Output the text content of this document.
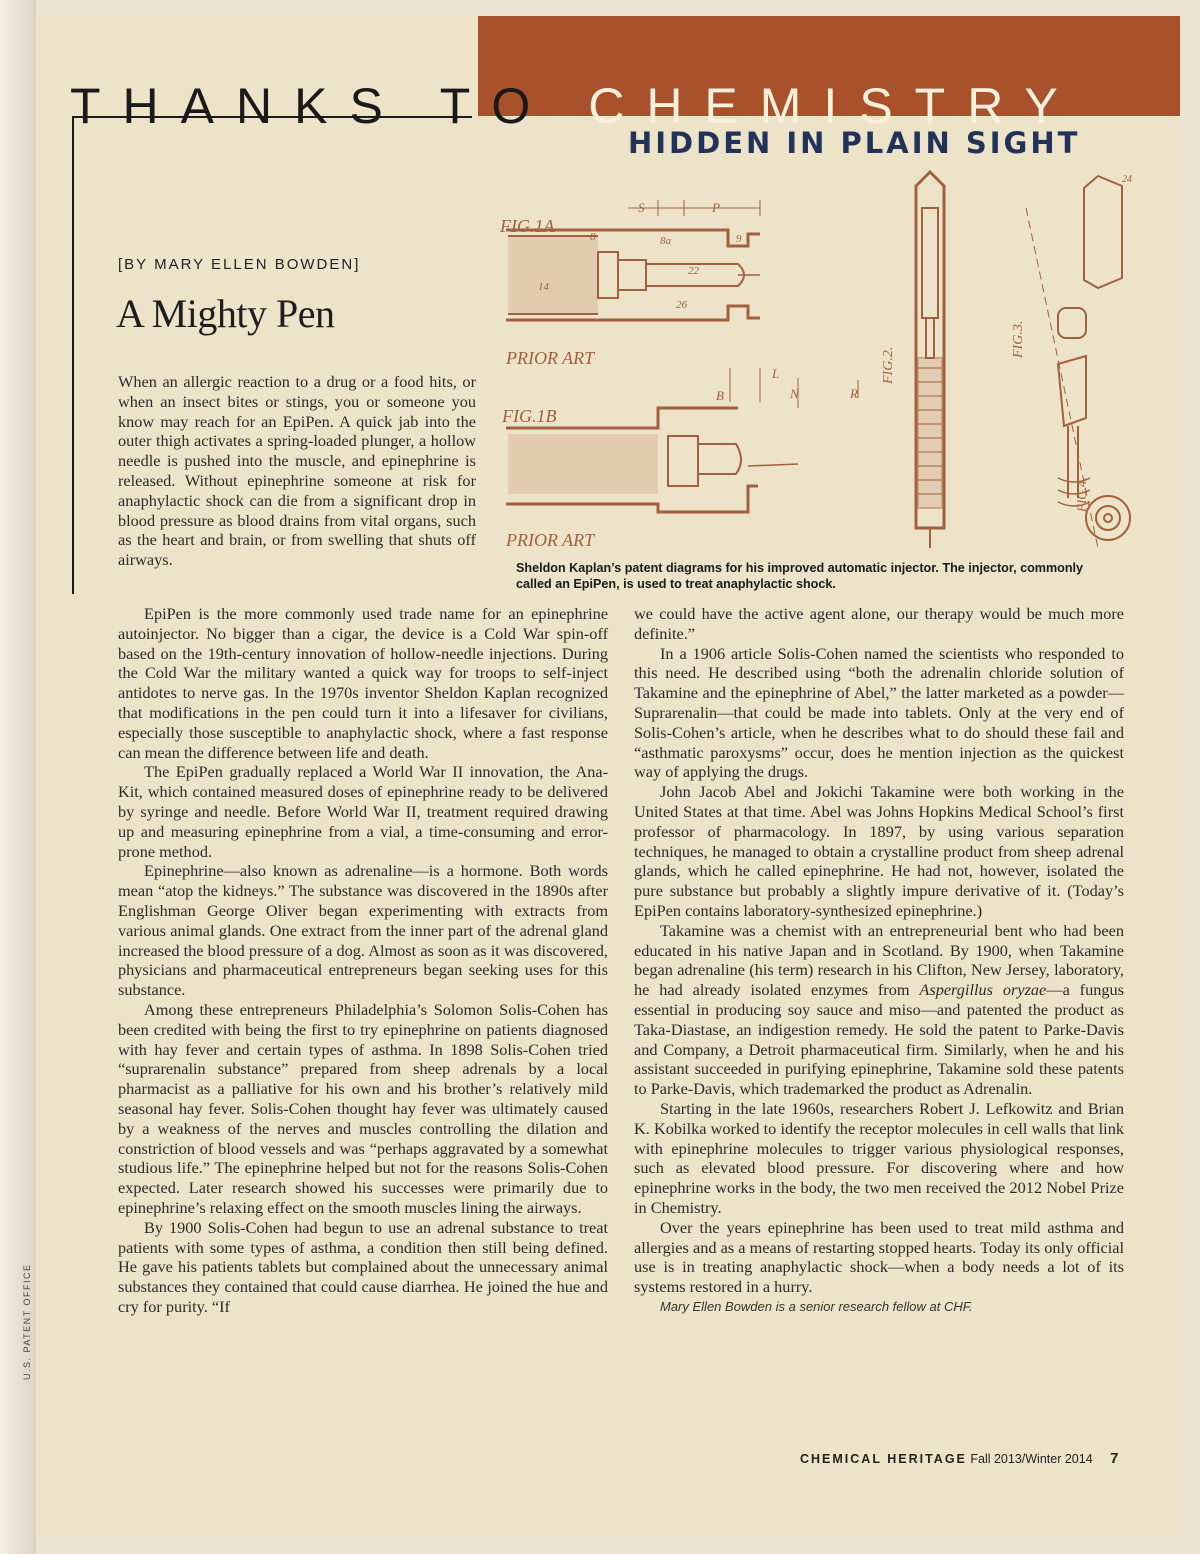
THANKS TO CHEMISTRY
HIDDEN IN PLAIN SIGHT
[BY MARY ELLEN BOWDEN]
A Mighty Pen

When an allergic reaction to a drug or a food hits, or when an insect bites or stings, you or someone you know may reach for an EpiPen. A quick jab into the outer thigh activates a spring-loaded plunger, a hollow needle is pushed into the muscle, and epinephrine is released. Without epinephrine someone at risk for anaphylactic shock can die from a significant drop in blood pressure as blood drains from vital organs, such as the heart and brain, or from swelling that shuts off airways.

FIG.1A
FIG.1B
PRIOR ART
PRIOR ART
S	P
8	8a	9
14
22
26
L
B	N	R
FIG.2.
FIG.3.
FIG.4.
24
Sheldon Kaplan’s patent diagrams for his improved automatic injector. The injector, commonly called an EpiPen, is used to treat anaphylactic shock.

EpiPen is the more commonly used trade name for an epinephrine autoinjector. No bigger than a cigar, the device is a Cold War spin-off based on the 19th-century innovation of hollow-needle injections. During the Cold War the military wanted a quick way for troops to self-inject antidotes to nerve gas. In the 1970s inventor Sheldon Kaplan recognized that modifications in the pen could turn it into a lifesaver for civilians, especially those susceptible to anaphylactic shock, where a fast response can mean the difference between life and death.

The EpiPen gradually replaced a World War II innovation, the Ana-Kit, which contained measured doses of epinephrine ready to be delivered by syringe and needle. Before World War II, treatment required drawing up and measuring epinephrine from a vial, a time-consuming and error-prone method.

Epinephrine—also known as adrenaline—is a hormone. Both words mean “atop the kidneys.” The substance was discovered in the 1890s after Englishman George Oliver began experimenting with extracts from various animal glands. One extract from the inner part of the adrenal gland increased the blood pressure of a dog. Almost as soon as it was discovered, physicians and pharmaceutical entrepreneurs began seeking uses for this substance.

Among these entrepreneurs Philadelphia’s Solomon Solis-Cohen has been credited with being the first to try epinephrine on patients diagnosed with hay fever and certain types of asthma. In 1898 Solis-Cohen tried “suprarenalin substance” prepared from sheep adrenals by a local pharmacist as a palliative for his own and his brother’s relatively mild seasonal hay fever. Solis-Cohen thought hay fever was ultimately caused by a weakness of the nerves and muscles controlling the dilation and constriction of blood vessels and was “perhaps aggravated by a somewhat studious life.” The epinephrine helped but not for the reasons Solis-Cohen expected. Later research showed his successes were primarily due to epinephrine’s relaxing effect on the smooth muscles lining the airways.

By 1900 Solis-Cohen had begun to use an adrenal substance to treat patients with some types of asthma, a condition then still being defined. He gave his patients tablets but complained about the unnecessary animal substances they contained that could cause diarrhea. He joined the hue and cry for purity. “If

we could have the active agent alone, our therapy would be much more definite.”

In a 1906 article Solis-Cohen named the scientists who responded to this need. He described using “both the adrenalin chloride solution of Takamine and the epinephrine of Abel,” the latter marketed as a powder—Suprarenalin—that could be made into tablets. Only at the very end of Solis-Cohen’s article, when he describes what to do should these fail and “asthmatic paroxysms” occur, does he mention injection as the quickest way of applying the drugs.

John Jacob Abel and Jokichi Takamine were both working in the United States at that time. Abel was Johns Hopkins Medical School’s first professor of pharmacology. In 1897, by using various separation techniques, he managed to obtain a crystalline product from sheep adrenal glands, which he called epinephrine. He had not, however, isolated the pure substance but probably a slightly impure derivative of it. (Today’s EpiPen contains laboratory-synthesized epinephrine.)

Takamine was a chemist with an entrepreneurial bent who had been educated in his native Japan and in Scotland. By 1900, when Takamine began adrenaline (his term) research in his Clifton, New Jersey, laboratory, he had already isolated enzymes from Aspergillus oryzae—a fungus essential in producing soy sauce and miso—and patented the product as Taka-Diastase, an indigestion remedy. He sold the patent to Parke-Davis and Company, a Detroit pharmaceutical firm. Similarly, when he and his assistant succeeded in purifying epinephrine, Takamine sold these patents to Parke-Davis, which trademarked the product as Adrenalin.

Starting in the late 1960s, researchers Robert J. Lefkowitz and Brian K. Kobilka worked to identify the receptor molecules in cell walls that link with epinephrine molecules to trigger various physiological responses, such as elevated blood pressure. For discovering where and how epinephrine works in the body, the two men received the 2012 Nobel Prize in Chemistry.

Over the years epinephrine has been used to treat mild asthma and allergies and as a means of restarting stopped hearts. Today its only official use is in treating anaphylactic shock—when a body needs a lot of its systems restored in a hurry.

Mary Ellen Bowden is a senior research fellow at CHF.

CHEMICAL HERITAGE Fall 2013/Winter 2014 7
U.S. PATENT OFFICE
